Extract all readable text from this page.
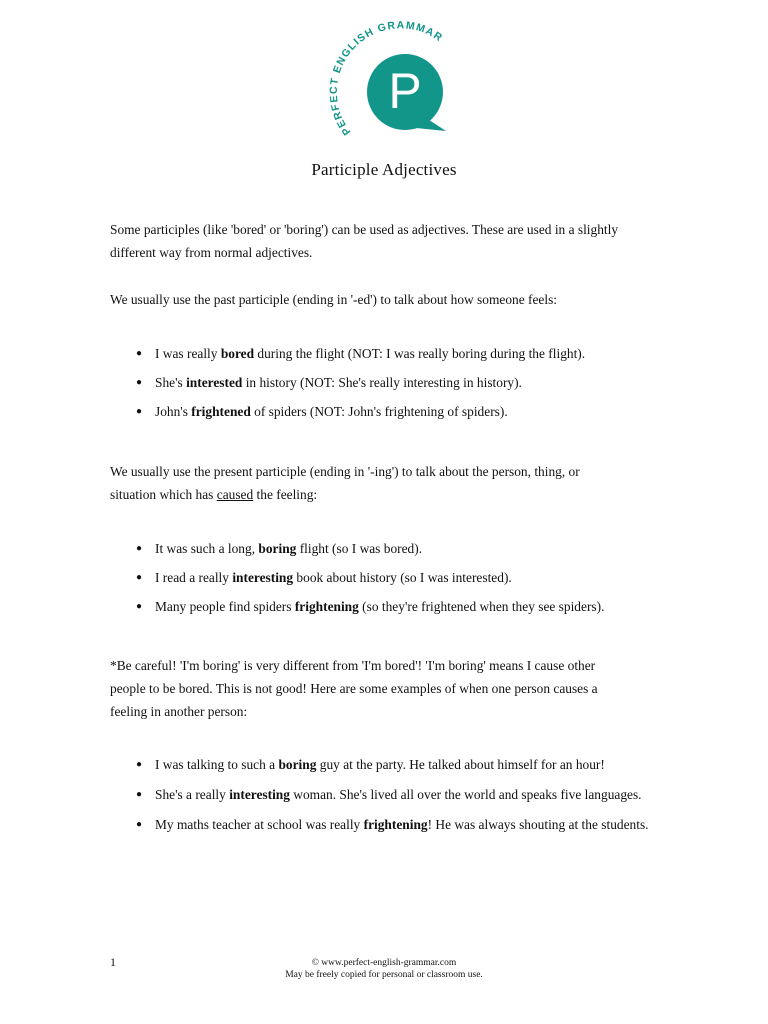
PERFECT ENGLISH GRAMMAR
P
Participle Adjectives
Some participles (like 'bored' or 'boring') can be used as adjectives. These are used in a slightly
different way from normal adjectives.
We usually use the past participle (ending in '-ed') to talk about how someone feels:
● I was really bored during the flight (NOT: I was really boring during the flight).
● She's interested in history (NOT: She's really interesting in history).
● John's frightened of spiders (NOT: John's frightening of spiders).
We usually use the present participle (ending in '-ing') to talk about the person, thing, or
situation which has caused the feeling:
● It was such a long, boring flight (so I was bored).
● I read a really interesting book about history (so I was interested).
● Many people find spiders frightening (so they're frightened when they see spiders).
*Be careful! 'I'm boring' is very different from 'I'm bored'! 'I'm boring' means I cause other
people to be bored. This is not good! Here are some examples of when one person causes a
feeling in another person:
● I was talking to such a boring guy at the party. He talked about himself for an hour!
● She's a really interesting woman. She's lived all over the world and speaks five languages.
● My maths teacher at school was really frightening! He was always shouting at the students.
1	© www.perfect-english-grammar.com
May be freely copied for personal or classroom use.
